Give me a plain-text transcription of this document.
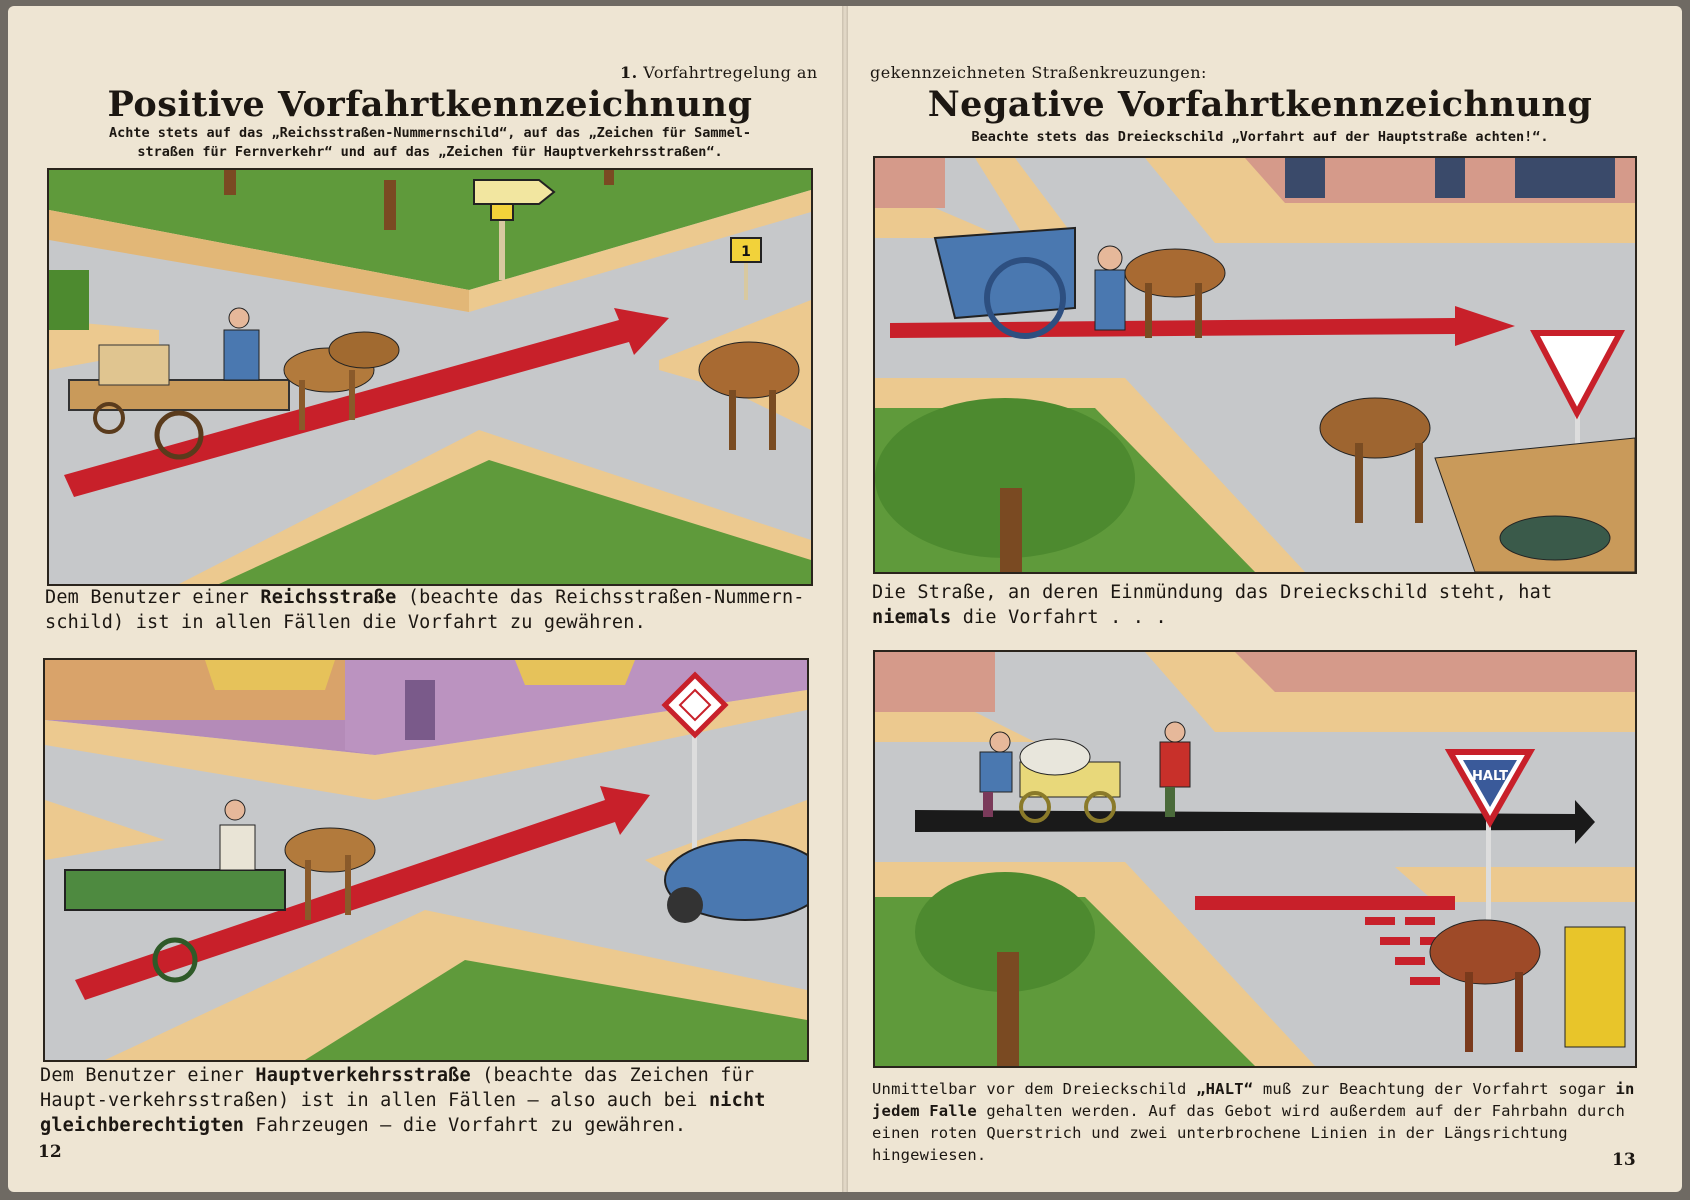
1. Vorfahrtregelung an
Positive Vorfahrtkennzeichnung
Achte stets auf das „Reichsstraßen-Nummernschild“, auf das „Zeichen für Sammel-
straßen für Fernverkehr“ und auf das „Zeichen für Hauptverkehrsstraßen“.
1
Dem Benutzer einer Reichsstraße (beachte das Reichsstraßen-Nummern-schild) ist in allen Fällen die Vorfahrt zu gewähren.
Dem Benutzer einer Hauptverkehrsstraße (beachte das Zeichen für Haupt-verkehrsstraßen) ist in allen Fällen — also auch bei nicht gleichberechtigten Fahrzeugen — die Vorfahrt zu gewähren.
12
gekennzeichneten Straßenkreuzungen:
Negative Vorfahrtkennzeichnung
Beachte stets das Dreieckschild „Vorfahrt auf der Hauptstraße achten!“.
Die Straße, an deren Einmündung das Dreieckschild steht, hat niemals die Vorfahrt . . .
HALT
Unmittelbar vor dem Dreieckschild „HALT“ muß zur Beachtung der Vorfahrt sogar in jedem Falle gehalten werden. Auf das Gebot wird außerdem auf der Fahrbahn durch einen roten Querstrich und zwei unterbrochene Linien in der Längsrichtung hingewiesen.	13
